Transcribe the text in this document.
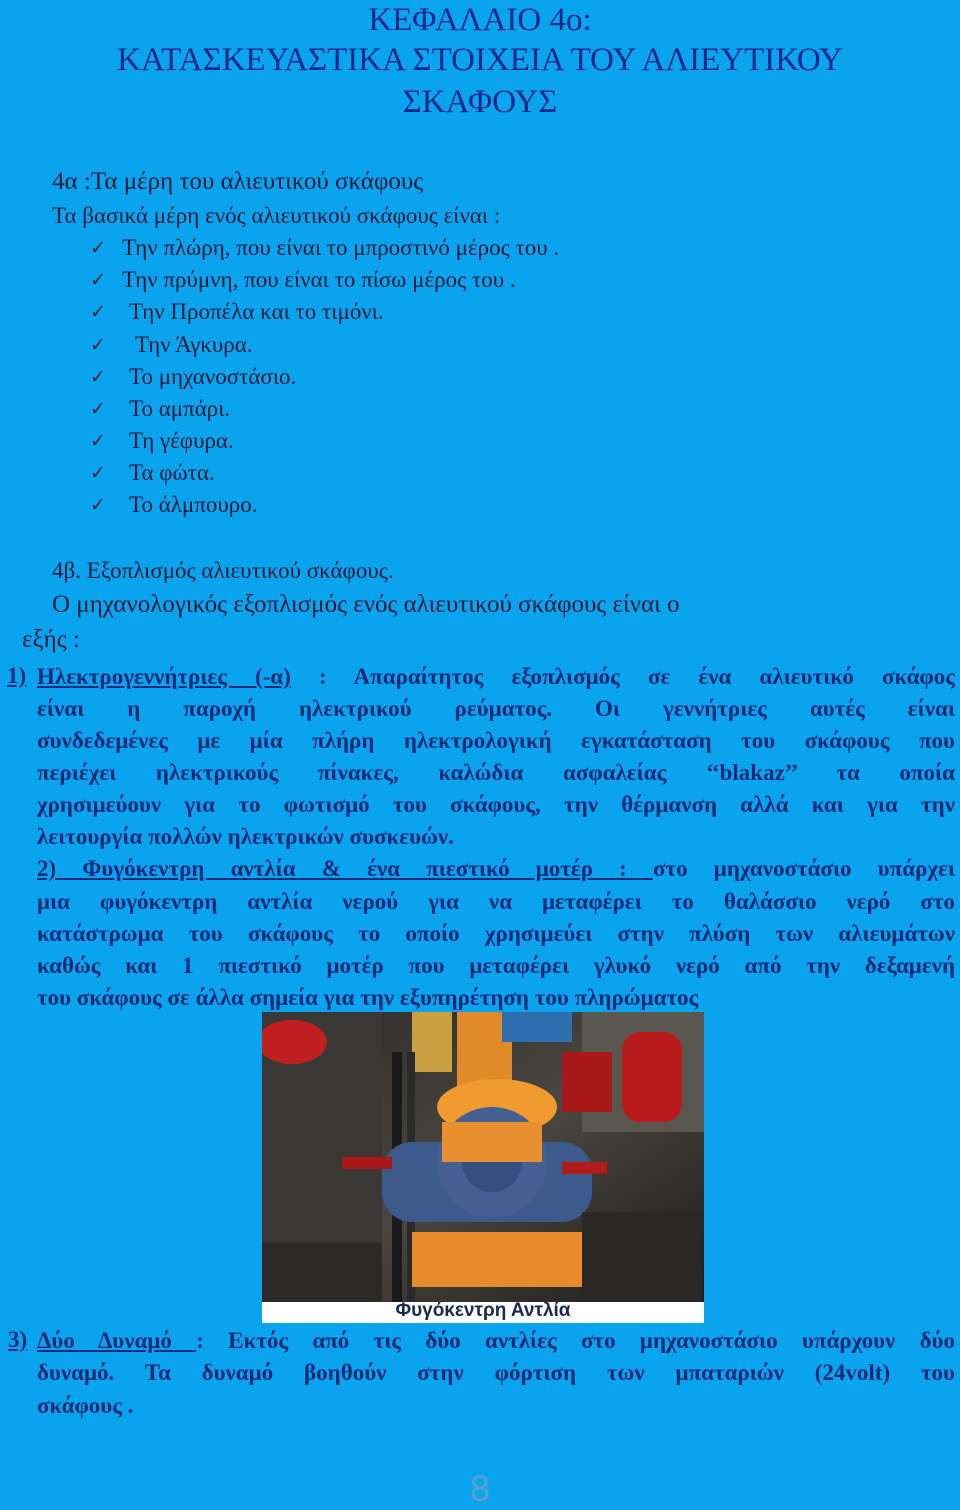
ΚΕΦΑΛΑΙΟ 4ο:
ΚΑΤΑΣΚΕΥΑΣΤΙΚΑ ΣΤΟΙΧΕΙΑ ΤΟΥ ΑΛΙΕΥΤΙΚΟΥ
ΣΚΑΦΟΥΣ
4α :Τα μέρη του αλιευτικού σκάφους
Τα βασικά μέρη ενός αλιευτικού σκάφους είναι :
✓ Την πλώρη, που είναι το μπροστινό μέρος του .
✓ Την πρύμνη, που είναι το πίσω μέρος του .
✓ Την Προπέλα και το τιμόνι.
✓ Την Άγκυρα.
✓ Το μηχανοστάσιο.
✓ Το αμπάρι.
✓ Τη γέφυρα.
✓ Τα φώτα.
✓ Το άλμπουρο.
4β. Εξοπλισμός αλιευτικού σκάφους.
Ο μηχανολογικός εξοπλισμός ενός αλιευτικού σκάφους είναι ο
εξής :
1) Ηλεκτρογεννήτριες (-α) : Απαραίτητος εξοπλισμός σε ένα αλιευτικό σκάφος
είναι η παροχή ηλεκτρικού ρεύματος. Οι γεννήτριες αυτές είναι
συνδεδεμένες με μία πλήρη ηλεκτρολογική εγκατάσταση του σκάφους που
περιέχει ηλεκτρικούς πίνακες, καλώδια ασφαλείας ‘‘blakaz’’ τα οποία
χρησιμεύουν για το φωτισμό του σκάφους, την θέρμανση αλλά και για την
λειτουργία πολλών ηλεκτρικών συσκευών.
2) Φυγόκεντρη αντλία & ένα πιεστικό μοτέρ : στο μηχανοστάσιο υπάρχει
μια φυγόκεντρη αντλία νερού για να μεταφέρει το θαλάσσιο νερό στο
κατάστρωμα του σκάφους το οποίο χρησιμεύει στην πλύση των αλιευμάτων
καθώς και 1 πιεστικό μοτέρ που μεταφέρει γλυκό νερό από την δεξαμενή
του σκάφους σε άλλα σημεία για την εξυπηρέτηση του πληρώματος
Φυγόκεντρη Αντλία
3) Δύο Δυναμό : Εκτός από τις δύο αντλίες στο μηχανοστάσιο υπάρχουν δύο
δυναμό. Τα δυναμό βοηθούν στην φόρτιση των μπαταριών (24volt) του
σκάφους .
8
